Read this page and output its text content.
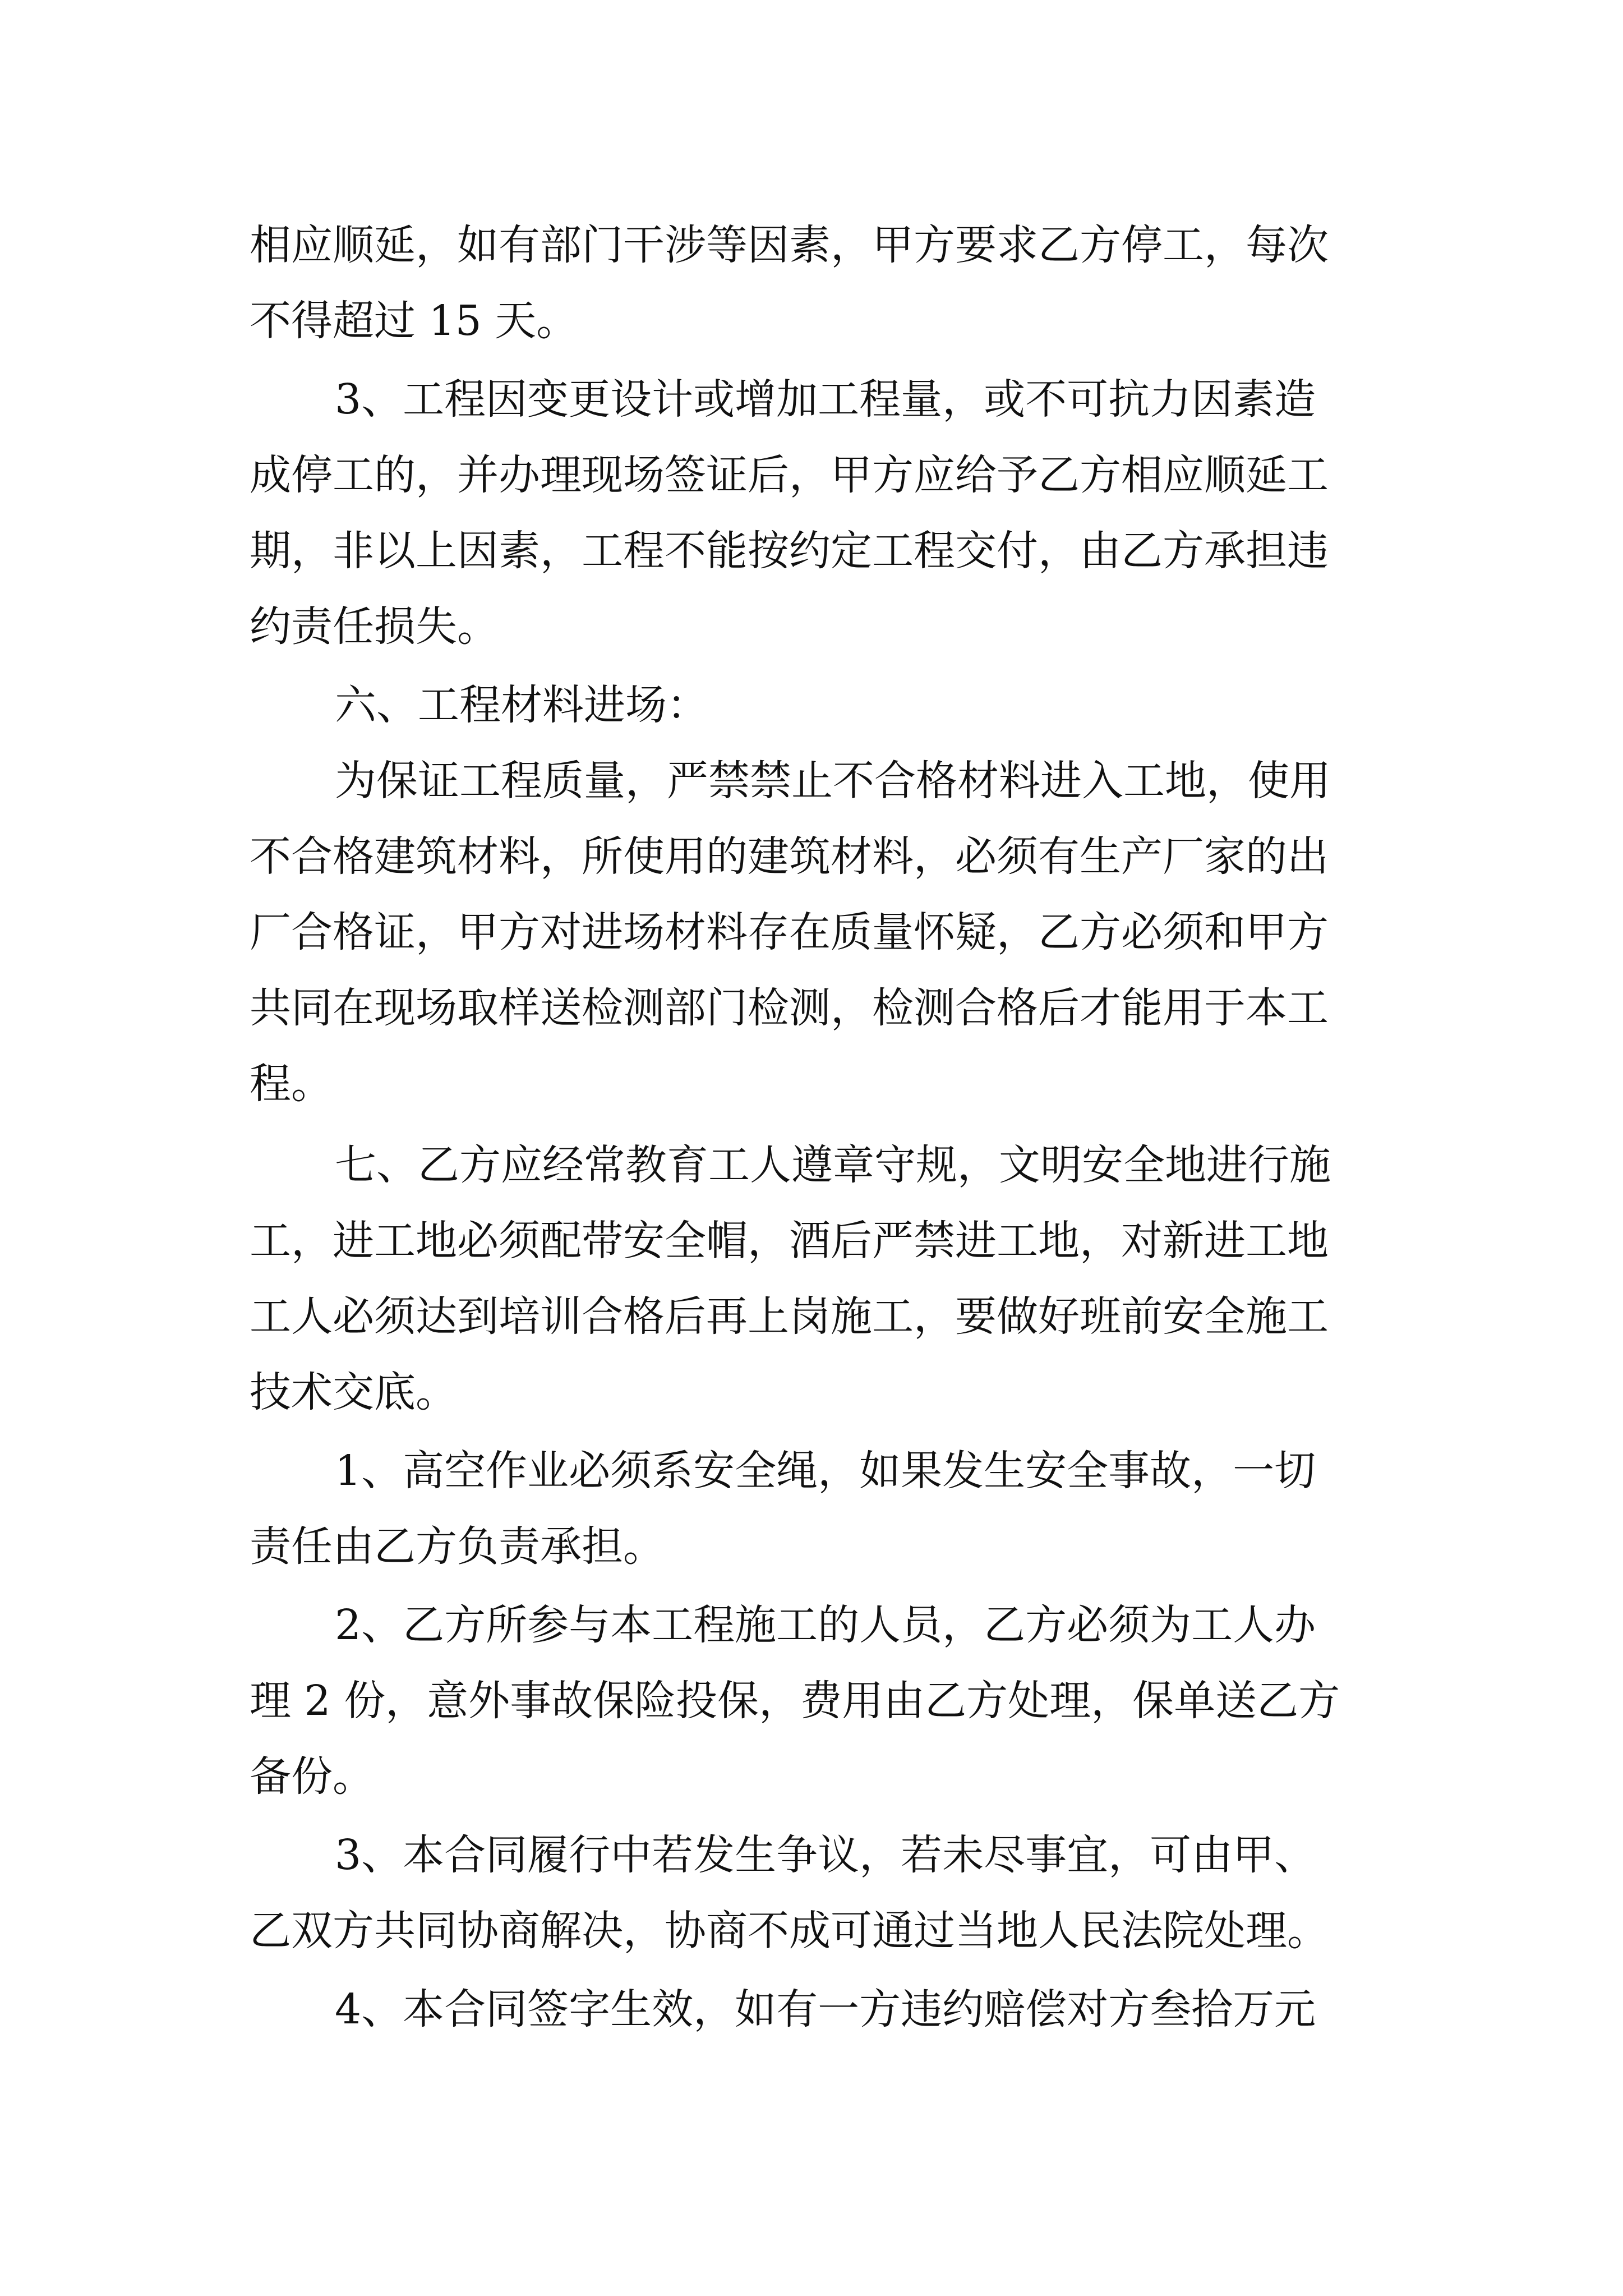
相应顺延，如有部门干涉等因素，甲方要求乙方停工，每次
不得超过 15 天。
3、工程因变更设计或增加工程量，或不可抗力因素造
成停工的，并办理现场签证后，甲方应给予乙方相应顺延工
期，非以上因素，工程不能按约定工程交付，由乙方承担违
约责任损失。
六、工程材料进场：
为保证工程质量，严禁禁止不合格材料进入工地，使用
不合格建筑材料，所使用的建筑材料，必须有生产厂家的出
厂合格证，甲方对进场材料存在质量怀疑，乙方必须和甲方
共同在现场取样送检测部门检测，检测合格后才能用于本工
程。
七、乙方应经常教育工人遵章守规，文明安全地进行施
工，进工地必须配带安全帽，酒后严禁进工地，对新进工地
工人必须达到培训合格后再上岗施工，要做好班前安全施工
技术交底。
1、高空作业必须系安全绳，如果发生安全事故，一切
责任由乙方负责承担。
2、乙方所参与本工程施工的人员，乙方必须为工人办
理 2 份，意外事故保险投保，费用由乙方处理，保单送乙方
备份。
3、本合同履行中若发生争议，若未尽事宜，可由甲、
乙双方共同协商解决，协商不成可通过当地人民法院处理。
4、本合同签字生效，如有一方违约赔偿对方叁拾万元
